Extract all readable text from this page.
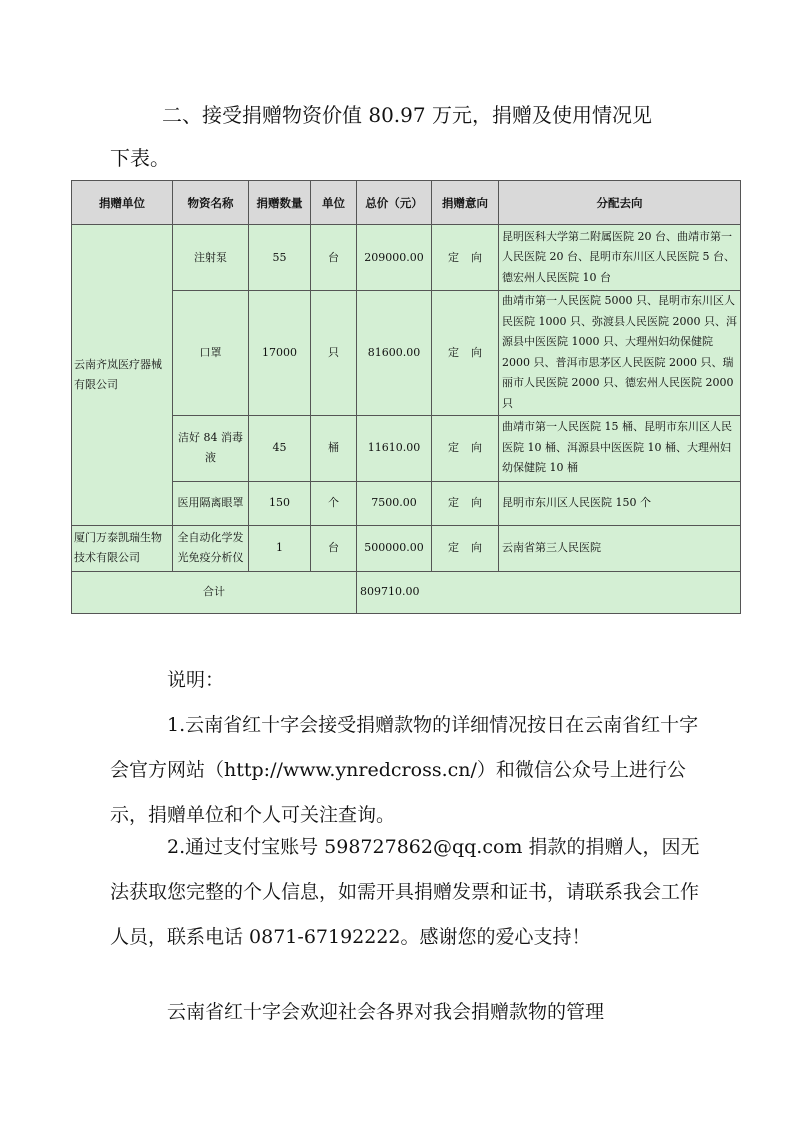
二、接受捐赠物资价值 80.97 万元，捐赠及使用情况见
下表。
捐赠单位	物资名称	捐赠数量	单位	总价（元）	捐赠意向	分配去向
云南齐岚医疗器械有限公司	注射泵	55	台	209000.00	定向	昆明医科大学第二附属医院 20 台、曲靖市第一人民医院 20 台、昆明市东川区人民医院 5 台、德宏州人民医院 10 台
	口罩	17000	只	81600.00	定向	曲靖市第一人民医院 5000 只、昆明市东川区人民医院 1000 只、弥渡县人民医院 2000 只、洱源县中医医院 1000 只、大理州妇幼保健院 2000 只、普洱市思茅区人民医院 2000 只、瑞丽市人民医院 2000 只、德宏州人民医院 2000 只
	洁好 84 消毒液	45	桶	11610.00	定向	曲靖市第一人民医院 15 桶、昆明市东川区人民医院 10 桶、洱源县中医医院 10 桶、大理州妇幼保健院 10 桶
	医用隔离眼罩	150	个	7500.00	定向	昆明市东川区人民医院 150 个
厦门万泰凯瑞生物技术有限公司	全自动化学发光免疫分析仪	1	台	500000.00	定向	云南省第三人民医院
合计				809710.00		

说明：

1.云南省红十字会接受捐赠款物的详细情况按日在云南省红十字会官方网站（http://www.ynredcross.cn/）和微信公众号上进行公示，捐赠单位和个人可关注查询。

2.通过支付宝账号 598727862@qq.com 捐款的捐赠人，因无法获取您完整的个人信息，如需开具捐赠发票和证书，请联系我会工作人员，联系电话 0871-67192222。感谢您的爱心支持！

云南省红十字会欢迎社会各界对我会捐赠款物的管理
